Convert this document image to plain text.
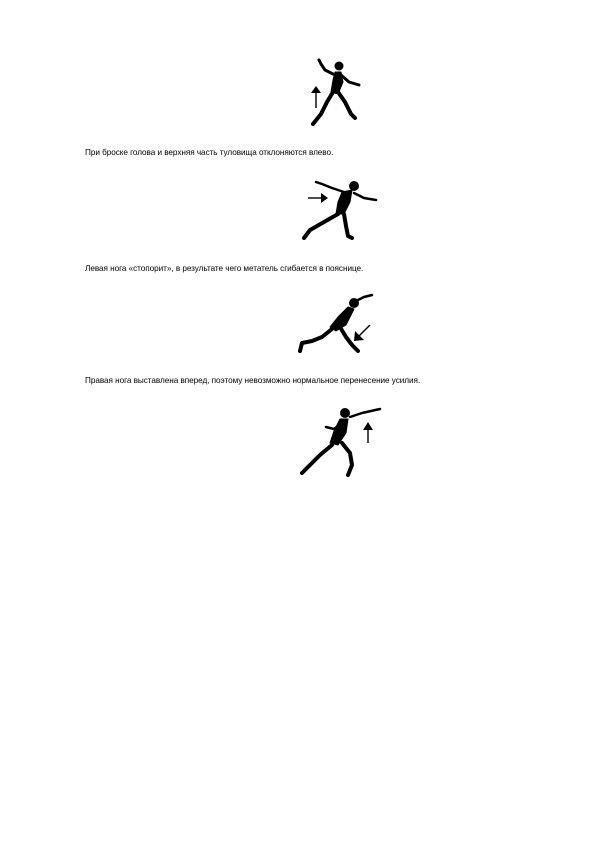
При броске голова и верхняя часть туловища отклоняются влево.
Левая нога «стопорит», в результате чего метатель сгибается в пояснице.
Правая нога выставлена вперед, поэтому невозможно нормальное перенесение усилия.
